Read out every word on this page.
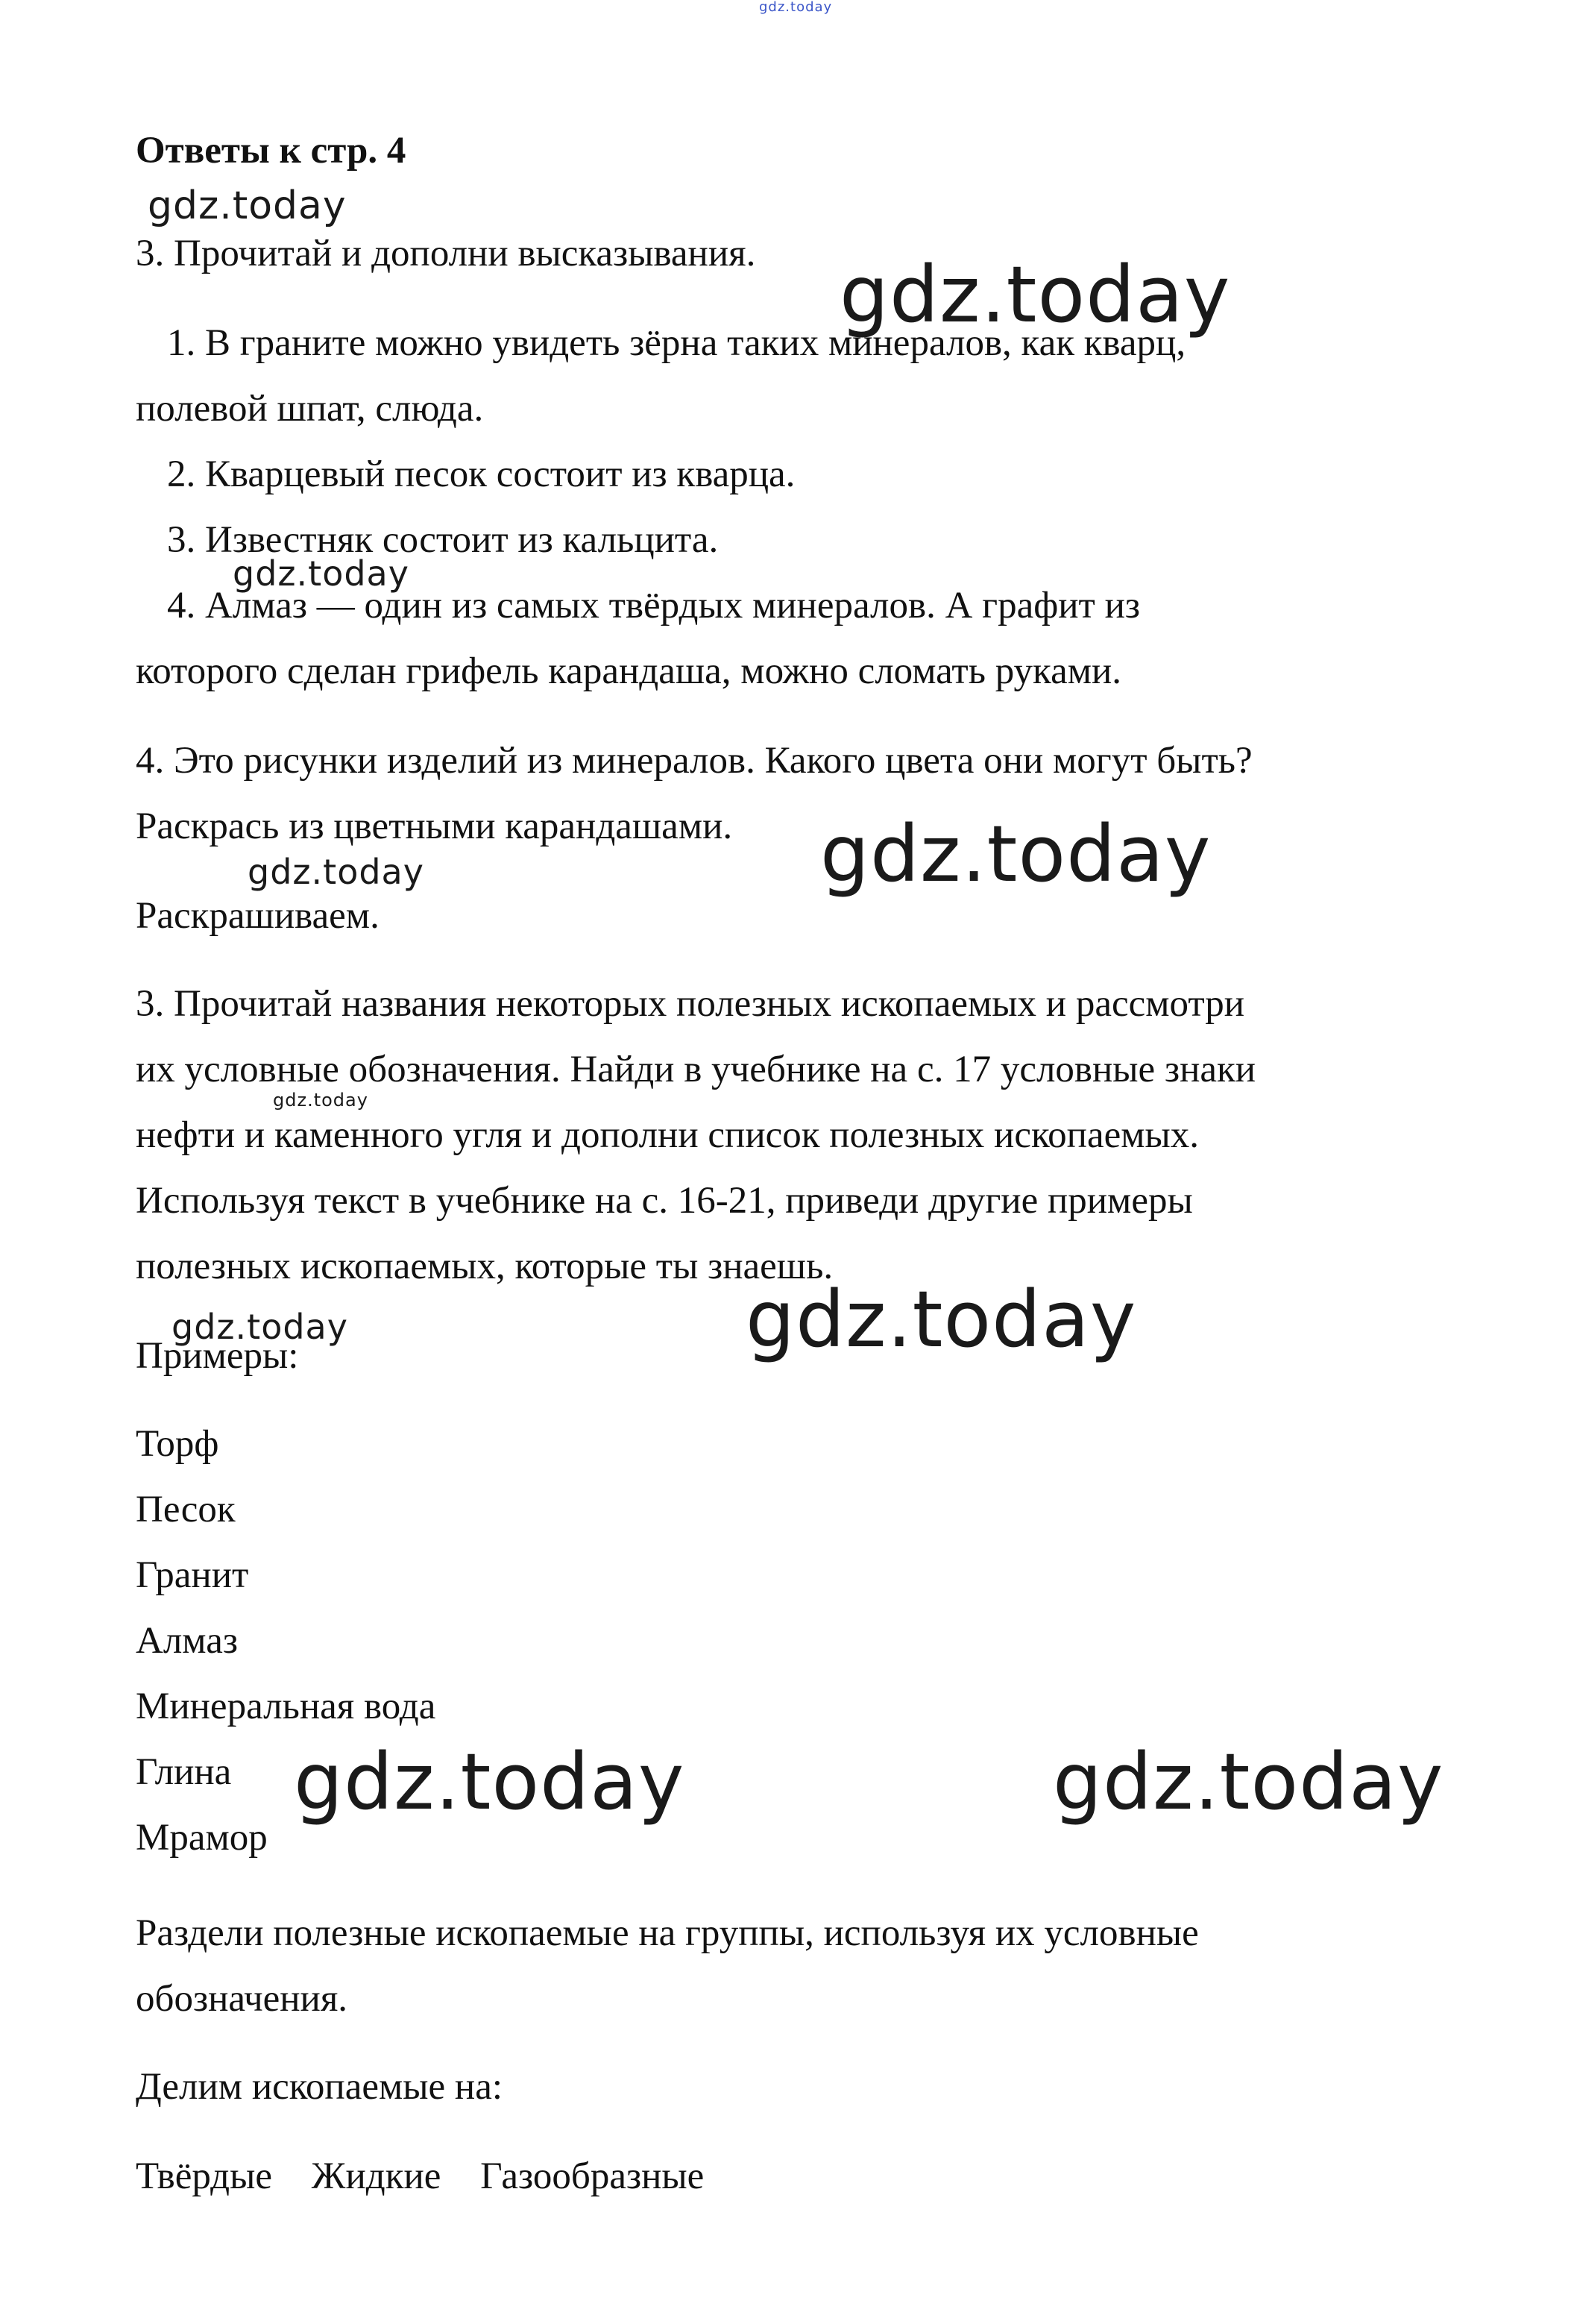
gdz.today
Ответы к стр. 4
gdz.today
3. Прочитай и дополни высказывания. gdz.today
1. В граните можно увидеть зёрна таких минералов, как кварц,
полевой шпат, слюда.
2. Кварцевый песок состоит из кварца.
3. Известняк состоит из кальцита.
gdz.today
4. Алмаз — один из самых твёрдых минералов. А графит из
которого сделан грифель карандаша, можно сломать руками.
4. Это рисунки изделий из минералов. Какого цвета они могут быть?
Раскрась из цветными карандашами. gdz.today
gdz.today
Раскрашиваем.
3. Прочитай названия некоторых полезных ископаемых и рассмотри
их условные обозначения. Найди в учебнике на с. 17 условные знаки
gdz.today
нефти и каменного угля и дополни список полезных ископаемых.
Используя текст в учебнике на с. 16-21, приведи другие примеры
полезных ископаемых, которые ты знаешь.
gdz.today
gdz.today
Примеры:
Торф
Песок
Гранит
Алмаз
Минеральная вода
Глина gdz.today	gdz.today
Мрамор
Раздели полезные ископаемые на группы, используя их условные
обозначения.
Делим ископаемые на:
Твёрдые Жидкие Газообразные
